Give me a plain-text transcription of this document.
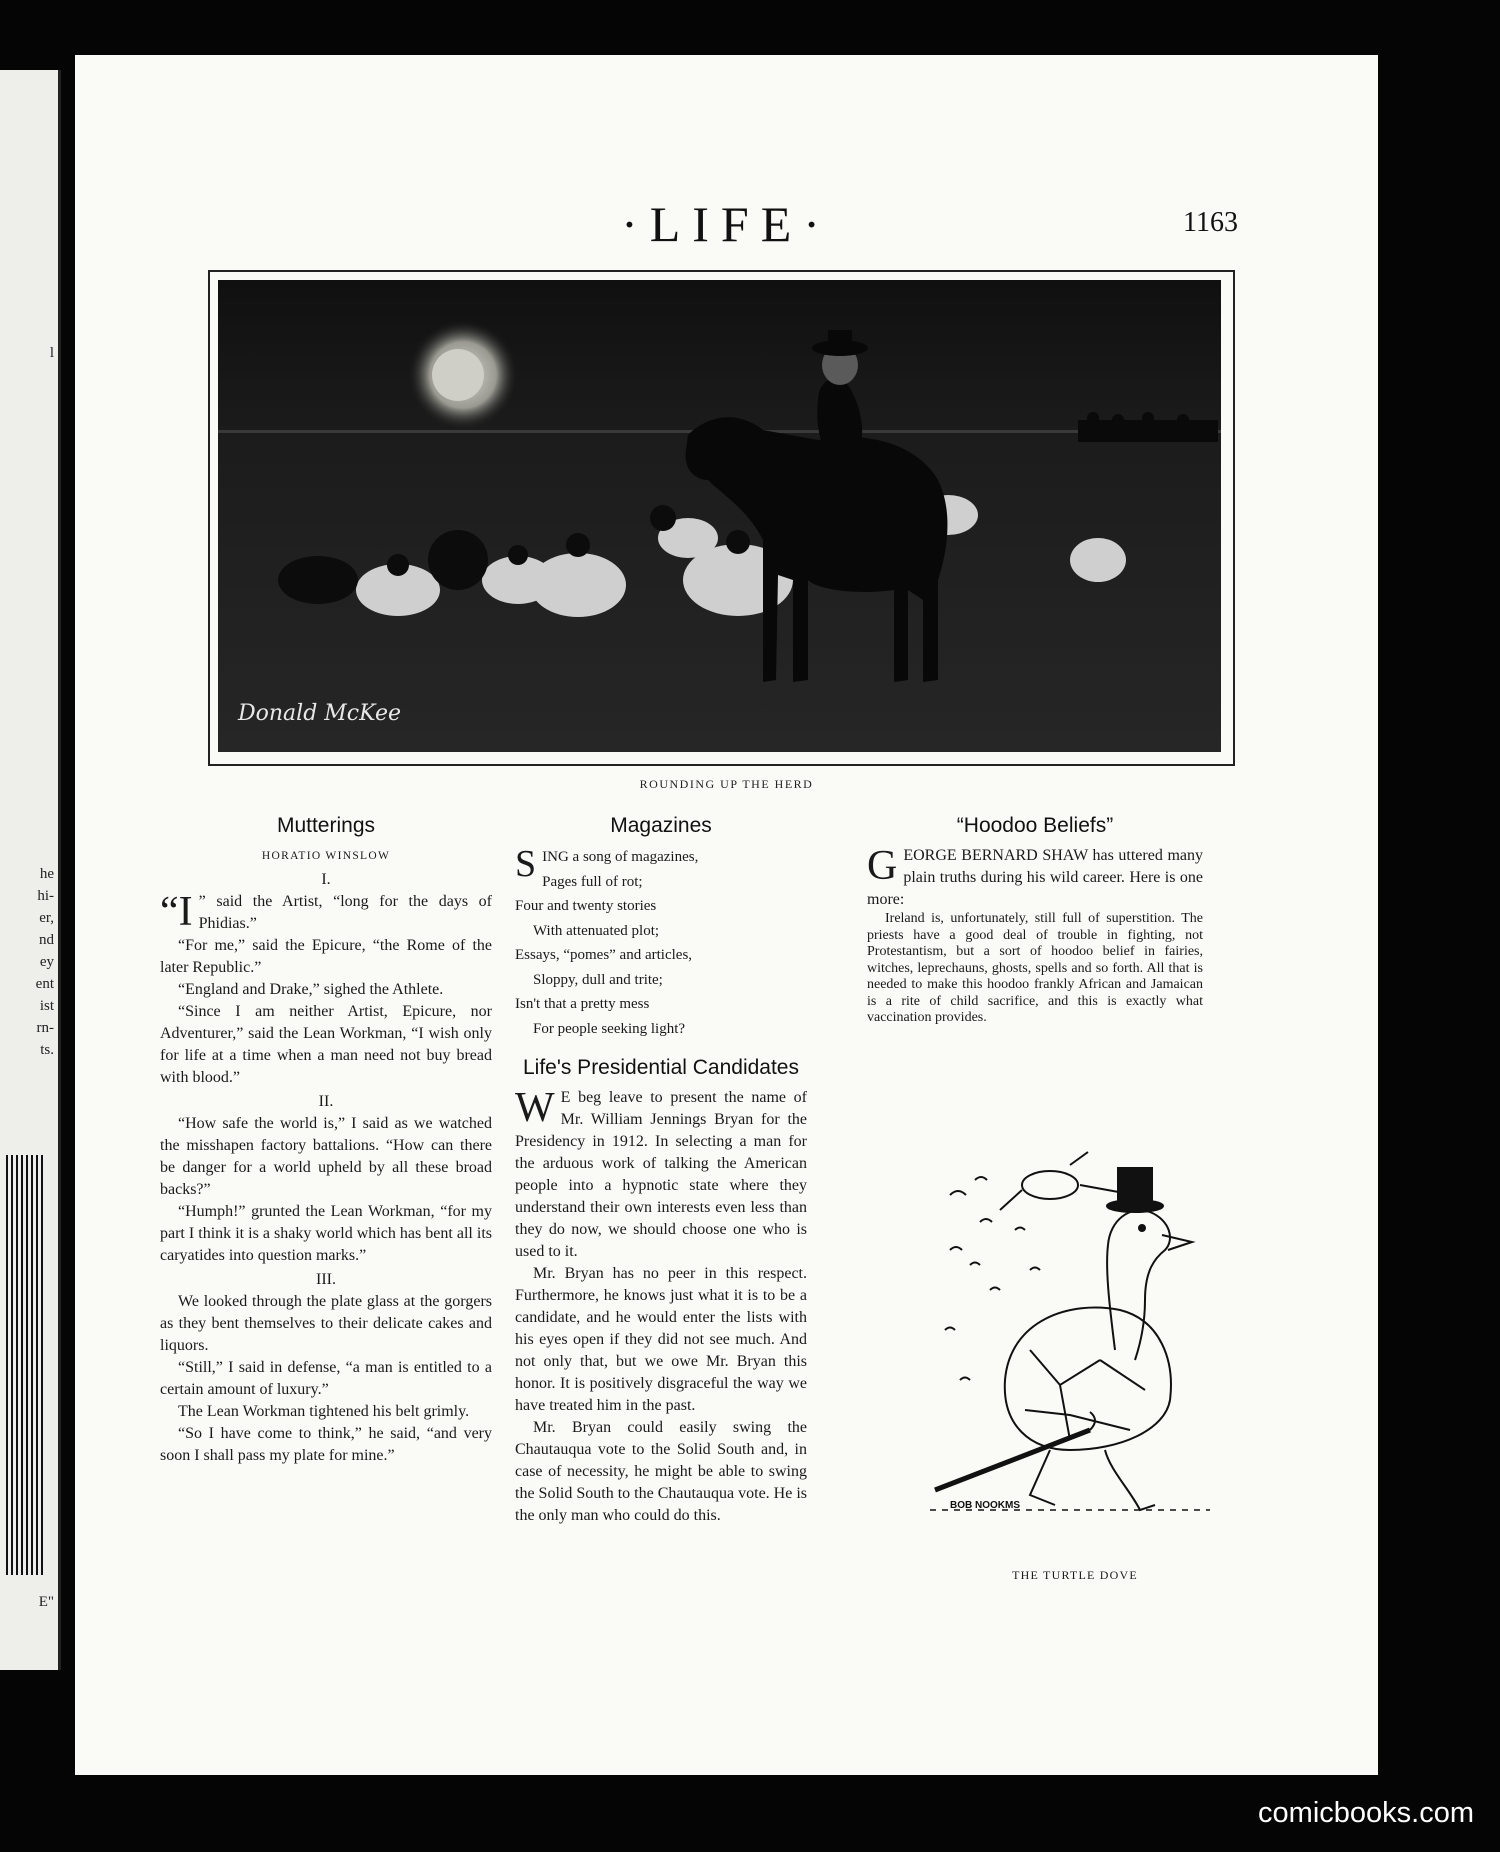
l
he
hi-
er,
nd
ey
ent
ist
rn-
ts.
E"
·LIFE·	1163
Donald McKee
ROUNDING UP THE HERD
Mutterings
HORATIO WINSLOW
I.

“I ” said the Artist, “long for the days of Phidias.”

“For me,” said the Epicure, “the Rome of the later Republic.”

“England and Drake,” sighed the Athlete.

“Since I am neither Artist, Epicure, nor Adventurer,” said the Lean Workman, “I wish only for life at a time when a man need not buy bread with blood.”

II.

“How safe the world is,” I said as we watched the misshapen factory battalions. “How can there be danger for a world upheld by all these broad backs?”

“Humph!” grunted the Lean Workman, “for my part I think it is a shaky world which has bent all its caryatides into question marks.”

III.

We looked through the plate glass at the gorgers as they bent themselves to their delicate cakes and liquors.

“Still,” I said in defense, “a man is entitled to a certain amount of luxury.”

The Lean Workman tightened his belt grimly.

“So I have come to think,” he said, “and very soon I shall pass my plate for mine.”

Magazines
SING a song of magazines,
Pages full of rot;
Four and twenty stories
With attenuated plot;
Essays, “pomes” and articles,
Sloppy, dull and trite;
Isn't that a pretty mess
For people seeking light?
Life's Presidential Candidates

W E beg leave to present the name of Mr. William Jennings Bryan for the Presidency in 1912. In selecting a man for the arduous work of talking the American people into a hypnotic state where they understand their own interests even less than they do now, we should choose one who is used to it.

Mr. Bryan has no peer in this respect. Furthermore, he knows just what it is to be a candidate, and he would enter the lists with his eyes open if they did not see much. And not only that, but we owe Mr. Bryan this honor. It is positively disgraceful the way we have treated him in the past.

Mr. Bryan could easily swing the Chautauqua vote to the Solid South and, in case of necessity, he might be able to swing the Solid South to the Chautauqua vote. He is the only man who could do this.

“Hoodoo Beliefs”

GEORGE BERNARD SHAW has uttered many plain truths during his wild career. Here is one more:

Ireland is, unfortunately, still full of superstition. The priests have a good deal of trouble in fighting, not Protestantism, but a sort of hoodoo belief in fairies, witches, leprechauns, ghosts, spells and so forth. All that is needed to make this hoodoo frankly African and Jamaican is a rite of child sacrifice, and this is exactly what vaccination provides.

BOB NOOKMS
THE TURTLE DOVE
comicbooks.com
